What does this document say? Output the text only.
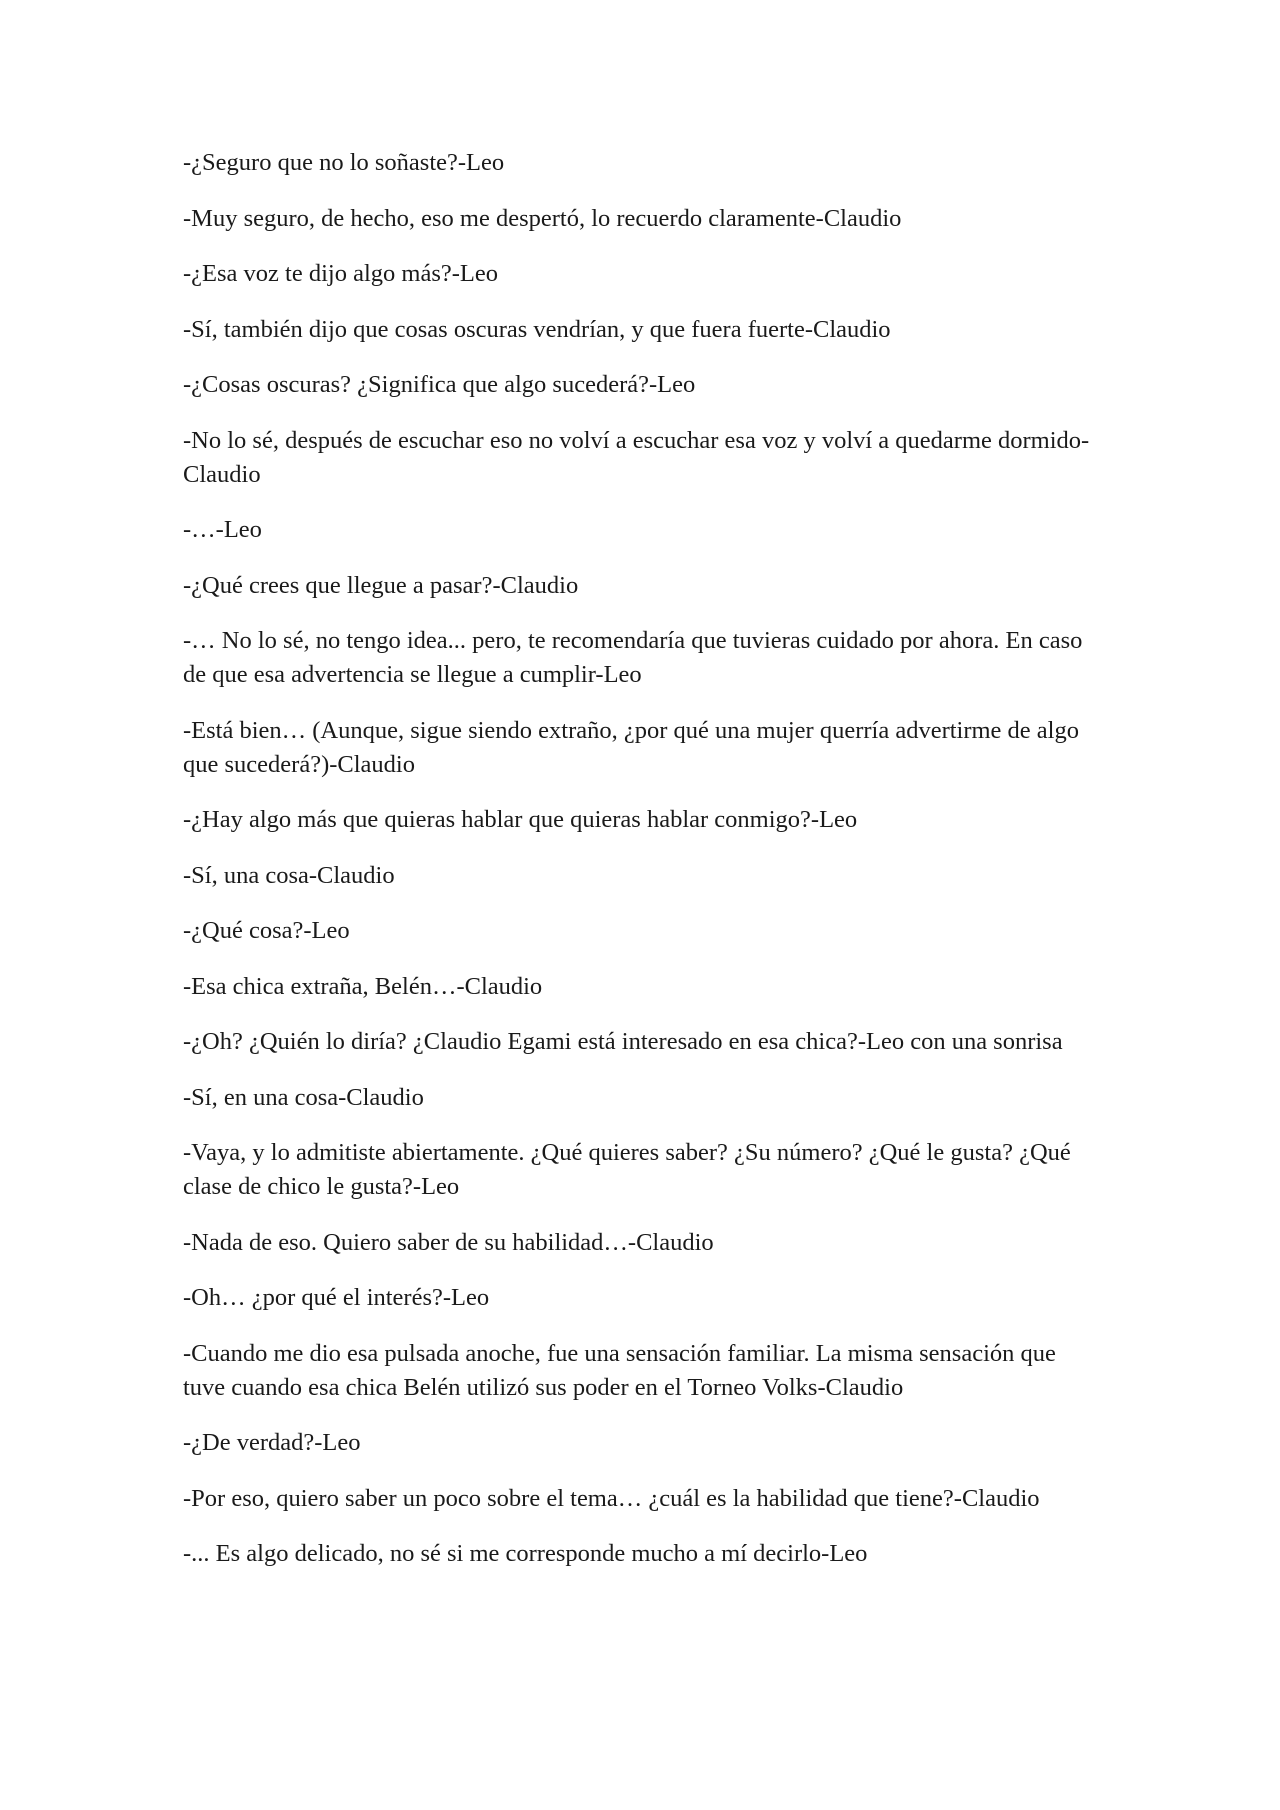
-¿Seguro que no lo soñaste?-Leo

-Muy seguro, de hecho, eso me despertó, lo recuerdo claramente-Claudio

-¿Esa voz te dijo algo más?-Leo

-Sí, también dijo que cosas oscuras vendrían, y que fuera fuerte-Claudio

-¿Cosas oscuras? ¿Significa que algo sucederá?-Leo

-No lo sé, después de escuchar eso no volví a escuchar esa voz y volví a quedarme dormido-Claudio

-…-Leo

-¿Qué crees que llegue a pasar?-Claudio

-… No lo sé, no tengo idea... pero, te recomendaría que tuvieras cuidado por ahora. En caso de que esa advertencia se llegue a cumplir-Leo

-Está bien… (Aunque, sigue siendo extraño, ¿por qué una mujer querría advertirme de algo que sucederá?)-Claudio

-¿Hay algo más que quieras hablar que quieras hablar conmigo?-Leo

-Sí, una cosa-Claudio

-¿Qué cosa?-Leo

-Esa chica extraña, Belén…-Claudio

-¿Oh? ¿Quién lo diría? ¿Claudio Egami está interesado en esa chica?-Leo con una sonrisa

-Sí, en una cosa-Claudio

-Vaya, y lo admitiste abiertamente. ¿Qué quieres saber? ¿Su número? ¿Qué le gusta? ¿Qué clase de chico le gusta?-Leo

-Nada de eso. Quiero saber de su habilidad…-Claudio

-Oh… ¿por qué el interés?-Leo

-Cuando me dio esa pulsada anoche, fue una sensación familiar. La misma sensación que tuve cuando esa chica Belén utilizó sus poder en el Torneo Volks-Claudio

-¿De verdad?-Leo

-Por eso, quiero saber un poco sobre el tema… ¿cuál es la habilidad que tiene?-Claudio

-... Es algo delicado, no sé si me corresponde mucho a mí decirlo-Leo
